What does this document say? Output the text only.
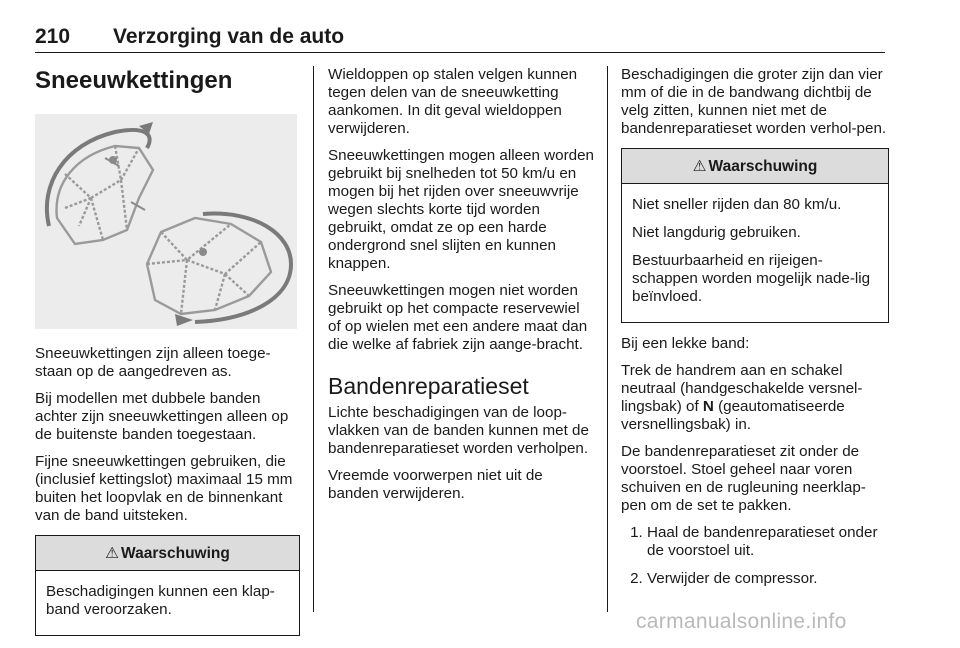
210 Verzorging van de auto
Sneeuwkettingen

Sneeuwkettingen zijn alleen toege-staan op de aangedreven as.

Bij modellen met dubbele banden achter zijn sneeuwkettingen alleen op de buitenste banden toegestaan.

Fijne sneeuwkettingen gebruiken, die (inclusief kettingslot) maximaal 15 mm buiten het loopvlak en de binnenkant van de band uitsteken.

⚠ Waarschuwing

Beschadigingen kunnen een klap-band veroorzaken.

Wieldoppen op stalen velgen kunnen tegen delen van de sneeuwketting aankomen. In dit geval wieldoppen verwijderen.

Sneeuwkettingen mogen alleen worden gebruikt bij snelheden tot 50 km/u en mogen bij het rijden over sneeuwvrije wegen slechts korte tijd worden gebruikt, omdat ze op een harde ondergrond snel slijten en kunnen knappen.

Sneeuwkettingen mogen niet worden gebruikt op het compacte reservewiel of op wielen met een andere maat dan die welke af fabriek zijn aange-bracht.

Bandenreparatieset

Lichte beschadigingen van de loop-vlakken van de banden kunnen met de bandenreparatieset worden verholpen.

Vreemde voorwerpen niet uit de banden verwijderen.

Beschadigingen die groter zijn dan vier mm of die in de bandwang dichtbij de velg zitten, kunnen niet met de bandenreparatieset worden verhol-pen.

⚠ Waarschuwing

Niet sneller rijden dan 80 km/u.

Niet langdurig gebruiken.

Bestuurbaarheid en rijeigen-schappen worden mogelijk nade-lig beïnvloed.

Bij een lekke band:

Trek de handrem aan en schakel neutraal (handgeschakelde versnel-lingsbak) of N (geautomatiseerde versnellingsbak) in.

De bandenreparatieset zit onder de voorstoel. Stoel geheel naar voren schuiven en de rugleuning neerklap-pen om de set te pakken.

1. Haal de bandenreparatieset onder de voorstoel uit.
2. Verwijder de compressor.
carmanualsonline.info
